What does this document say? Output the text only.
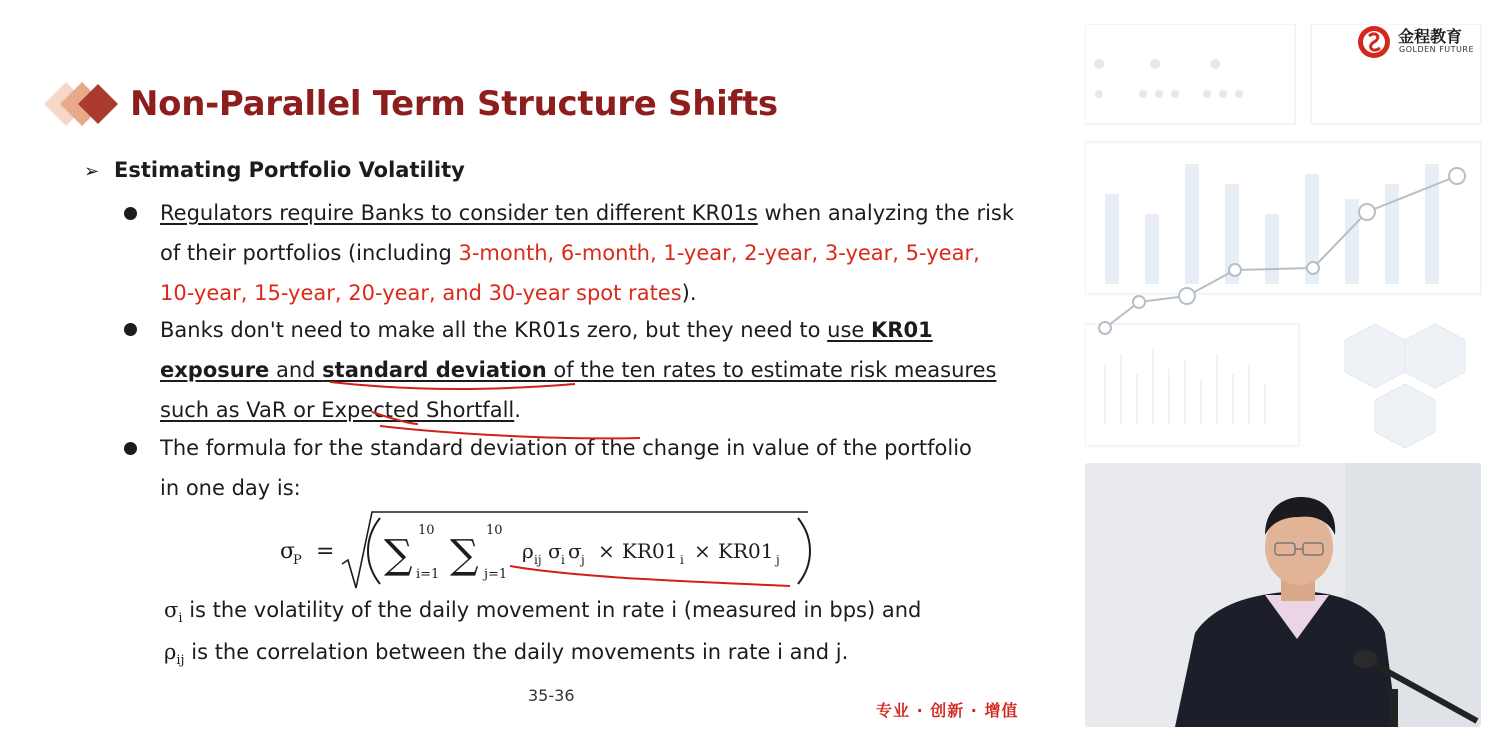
Non-Parallel Term Structure Shifts

➢ Estimating Portfolio Volatility

Regulators require Banks to consider ten different KR01s when analyzing the risk of their portfolios (including 3-month, 6-month, 1-year, 2-year, 3-year, 5-year, 10-year, 15-year, 20-year, and 30-year spot rates).

Banks don't need to make all the KR01s zero, but they need to use KR01 exposure and standard deviation of the ten rates to estimate risk measures such as VaR or Expected Shortfall.

The formula for the standard deviation of the change in value of the portfolio in one day is:

σ
P = ∑
10
i=1 ∑
10
j=1
ρ ij σ i σ j × KR01 i × KR01 j

$\sigma_i$ is the volatility of the daily movement in rate i (measured in bps) and

$\rho_{ij}$ is the correlation between the daily movements in rate i and j.

35-36
专业 · 创新 · 增值
金程教育
GOLDEN FUTURE
